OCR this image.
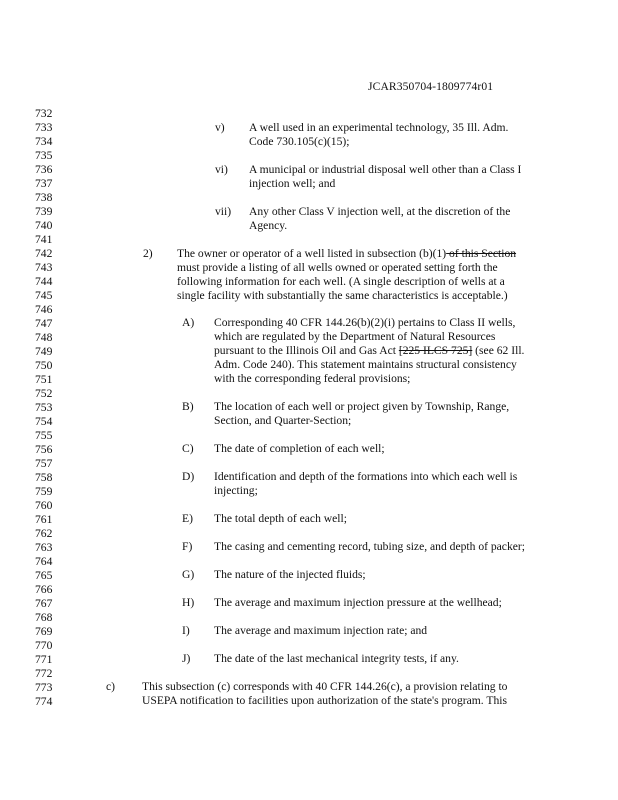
JCAR350704-1809774r01
732
733
734
735
736
737
738
739
740
741
742
743
744
745
746
747
748
749
750
751
752
753
754
755
756
757
758
759
760
761
762
763
764
765
766
767
768
769
770
771
772
773
774
v) A well used in an experimental technology, 35 Ill. Adm.
Code 730.105(c)(15);
vi) A municipal or industrial disposal well other than a Class I
injection well; and
vii) Any other Class V injection well, at the discretion of the
Agency.
2) The owner or operator of a well listed in subsection (b)(1) of this Section
must provide a listing of all wells owned or operated setting forth the
following information for each well. (A single description of wells at a
single facility with substantially the same characteristics is acceptable.)
A) Corresponding 40 CFR 144.26(b)(2)(i) pertains to Class II wells,
which are regulated by the Department of Natural Resources
pursuant to the Illinois Oil and Gas Act [225 ILCS 725] (see 62 Ill.
Adm. Code 240). This statement maintains structural consistency
with the corresponding federal provisions;
B) The location of each well or project given by Township, Range,
Section, and Quarter-Section;
C) The date of completion of each well;
D) Identification and depth of the formations into which each well is
injecting;
E) The total depth of each well;
F) The casing and cementing record, tubing size, and depth of packer;
G) The nature of the injected fluids;
H) The average and maximum injection pressure at the wellhead;
I) The average and maximum injection rate; and
J) The date of the last mechanical integrity tests, if any.
c) This subsection (c) corresponds with 40 CFR 144.26(c), a provision relating to
USEPA notification to facilities upon authorization of the state's program. This
